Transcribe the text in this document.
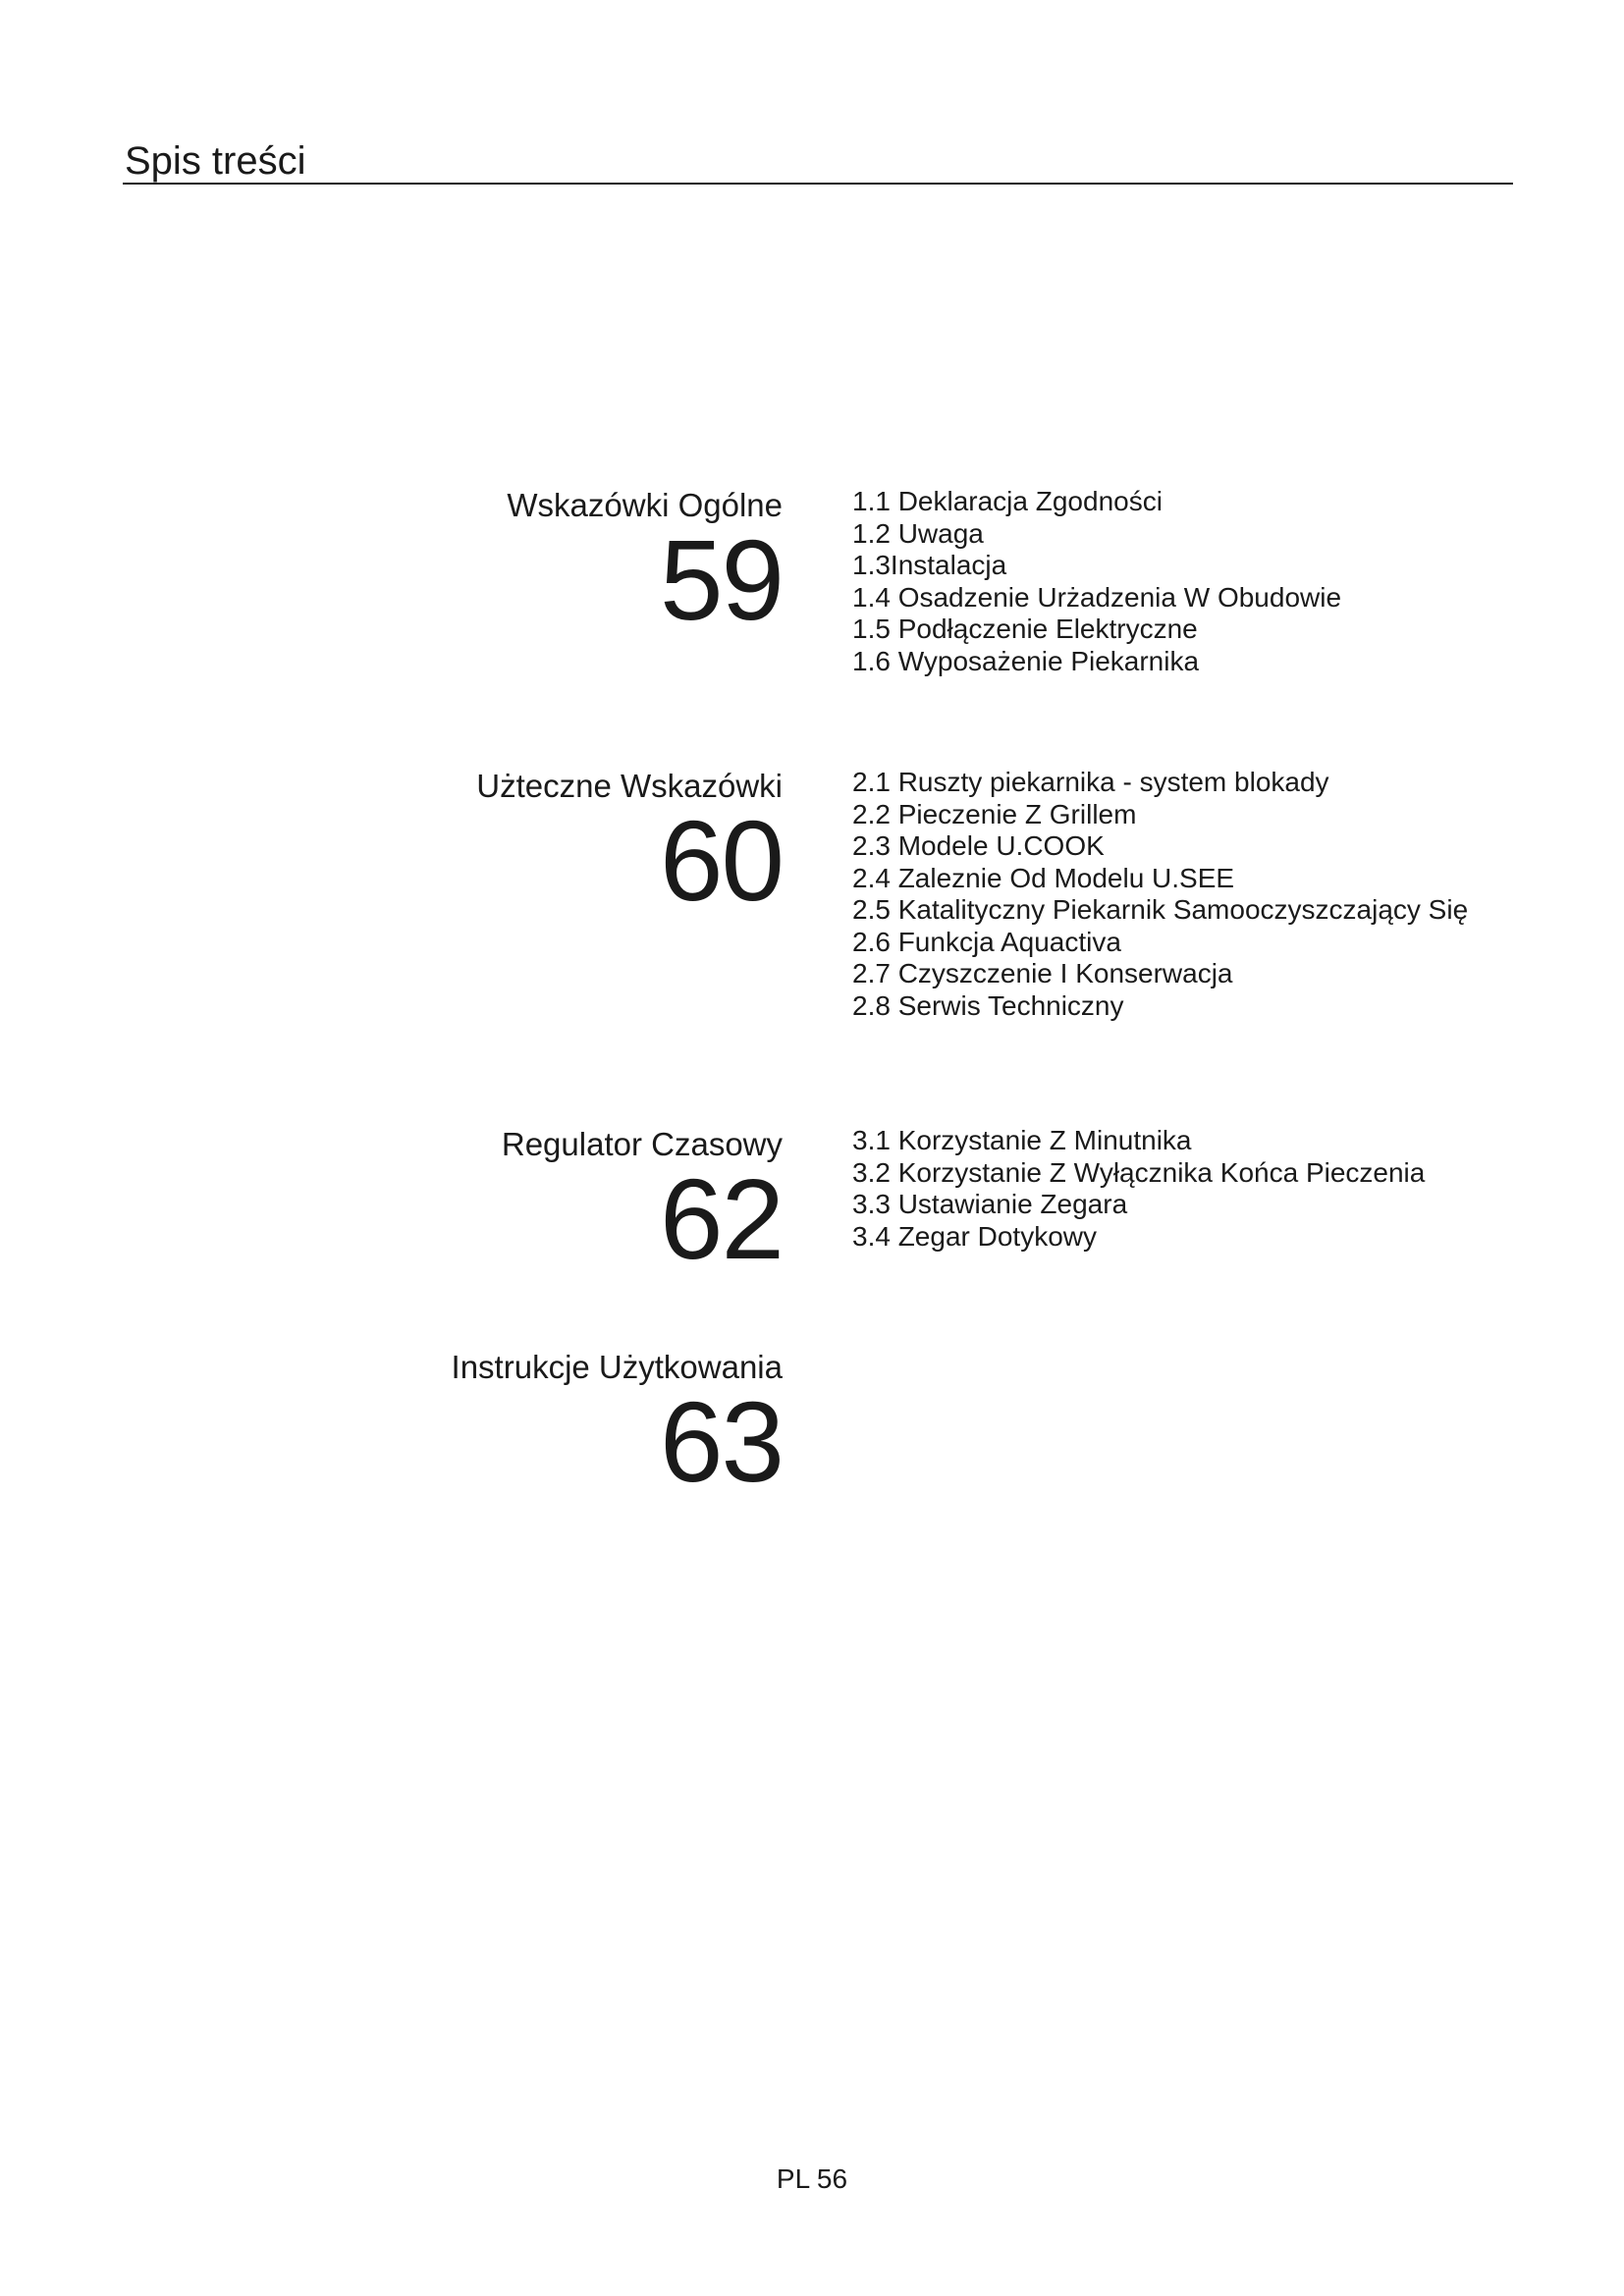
Spis treści
Wskazówki Ogólne
59
1.1 Deklaracja Zgodności
1.2 Uwaga
1.3Instalacja
1.4 Osadzenie Urżadzenia W Obudowie
1.5 Podłączenie Elektryczne
1.6 Wyposażenie Piekarnika
Użteczne Wskazówki
60
2.1 Ruszty piekarnika - system blokady
2.2 Pieczenie Z Grillem
2.3 Modele U.COOK
2.4 Zaleznie Od Modelu U.SEE
2.5 Katalityczny Piekarnik Samooczyszczający Się
2.6 Funkcja Aquactiva
2.7 Czyszczenie I Konserwacja
2.8 Serwis Techniczny
Regulator Czasowy
62
3.1 Korzystanie Z Minutnika
3.2 Korzystanie Z Wyłącznika Końca Pieczenia
3.3 Ustawianie Zegara
3.4 Zegar Dotykowy
Instrukcje Użytkowania
63
PL 56
